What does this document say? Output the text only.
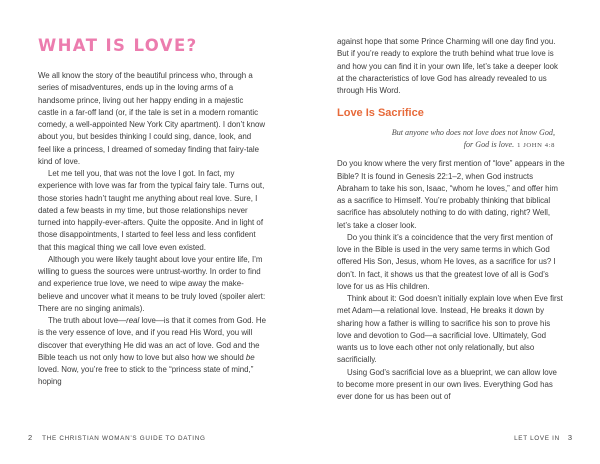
WHAT IS LOVE?

We all know the story of the beautiful princess who, through a series of misadventures, ends up in the loving arms of a handsome prince, living out her happy ending in a majestic castle in a far-off land (or, if the tale is set in a modern romantic comedy, a well-appointed New York City apartment). I don’t know about you, but besides thinking I could sing, dance, look, and feel like a princess, I dreamed of someday finding that fairy-tale kind of love.

Let me tell you, that was not the love I got. In fact, my experience with love was far from the typical fairy tale. Turns out, those stories hadn’t taught me anything about real love. Sure, I dated a few beasts in my time, but those relationships never turned into happily-ever-afters. Quite the opposite. And in light of those disappointments, I started to feel less and less confident that this magical thing we call love even existed.

Although you were likely taught about love your entire life, I’m willing to guess the sources were untrust-worthy. In order to find and experience true love, we need to wipe away the make-believe and uncover what it means to be truly loved (spoiler alert: There are no singing animals).

The truth about love—real love—is that it comes from God. He is the very essence of love, and if you read His Word, you will discover that everything He did was an act of love. God and the Bible teach us not only how to love but also how we should be loved. Now, you’re free to stick to the “princess state of mind,” hoping

2 THE CHRISTIAN WOMAN’S GUIDE TO DATING

against hope that some Prince Charming will one day find you. But if you’re ready to explore the truth behind what true love is and how you can find it in your own life, let’s take a deeper look at the characteristics of love God has already revealed to us through His Word.

Love Is Sacrifice
But anyone who does not love does not know God,
for God is love. 1 JOHN 4:8

Do you know where the very first mention of “love” appears in the Bible? It is found in Genesis 22:1–2, when God instructs Abraham to take his son, Isaac, “whom he loves,” and offer him as a sacrifice to Himself. You’re probably thinking that biblical sacrifice has absolutely nothing to do with dating, right? Well, let’s take a closer look.

Do you think it’s a coincidence that the very first mention of love in the Bible is used in the very same terms in which God offered His Son, Jesus, whom He loves, as a sacrifice for us? I don’t. In fact, it shows us that the greatest love of all is God’s love for us as His children.

Think about it: God doesn’t initially explain love when Eve first met Adam—a relational love. Instead, He breaks it down by sharing how a father is willing to sacrifice his son to prove his love and devotion to God—a sacrificial love. Ultimately, God wants us to love each other not only relationally, but also sacrificially.

Using God’s sacrificial love as a blueprint, we can allow love to become more present in our own lives. Everything God has ever done for us has been out of

LET LOVE IN 3
